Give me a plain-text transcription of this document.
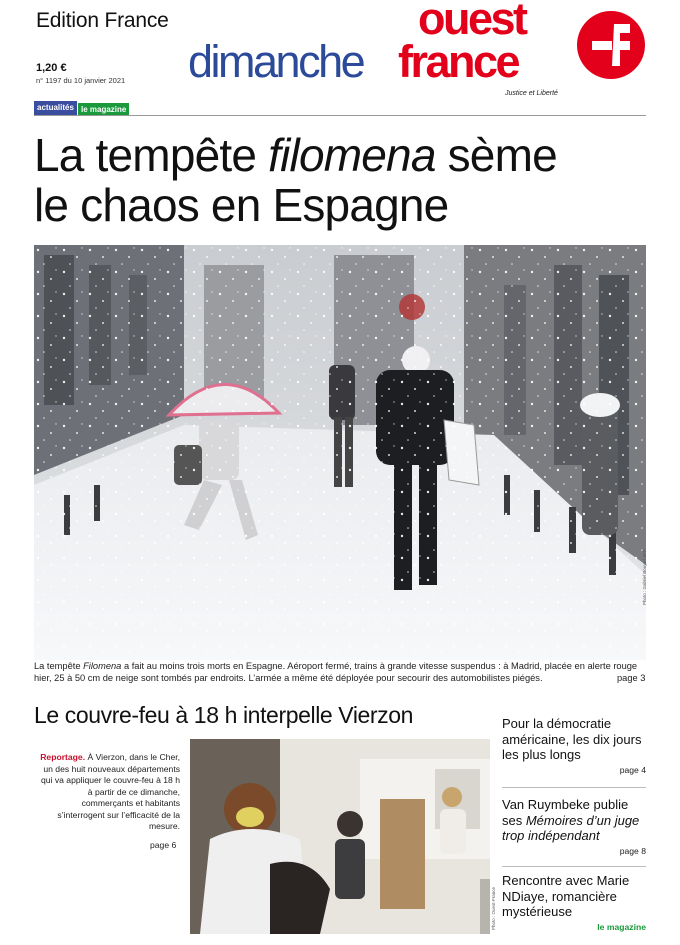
Edition France
1,20 €
n° 1197 du 10 janvier 2021 dimanche
ouest
france
Justice et Liberté
actualités le magazine
La tempête filomena sème
le chaos en Espagne
Photo : Gabriel Bouys / AFP
La tempête Filomena a fait au moins trois morts en Espagne. Aéroport fermé, trains à grande vitesse suspendus : à Madrid, placée en alerte rouge hier, 25 à 50 cm de neige sont tombés par endroits. L’armée a même été déployée pour secourir des automobilistes piégés.	page 3
Le couvre-feu à 18 h interpelle Vierzon
Reportage. À Vierzon, dans le Cher, un des huit nouveaux départements qui va appliquer le couvre-feu à 18 h à partir de ce dimanche, commerçants et habitants s’interrogent sur l’efficacité de la mesure.
page 6
Photo : Ouest-France
Pour la démocratie américaine, les dix jours les plus longs
page 4
Van Ruymbeke publie ses Mémoires d’un juge trop indépendant
page 8
Rencontre avec Marie NDiaye, romancière mystérieuse
le magazine
